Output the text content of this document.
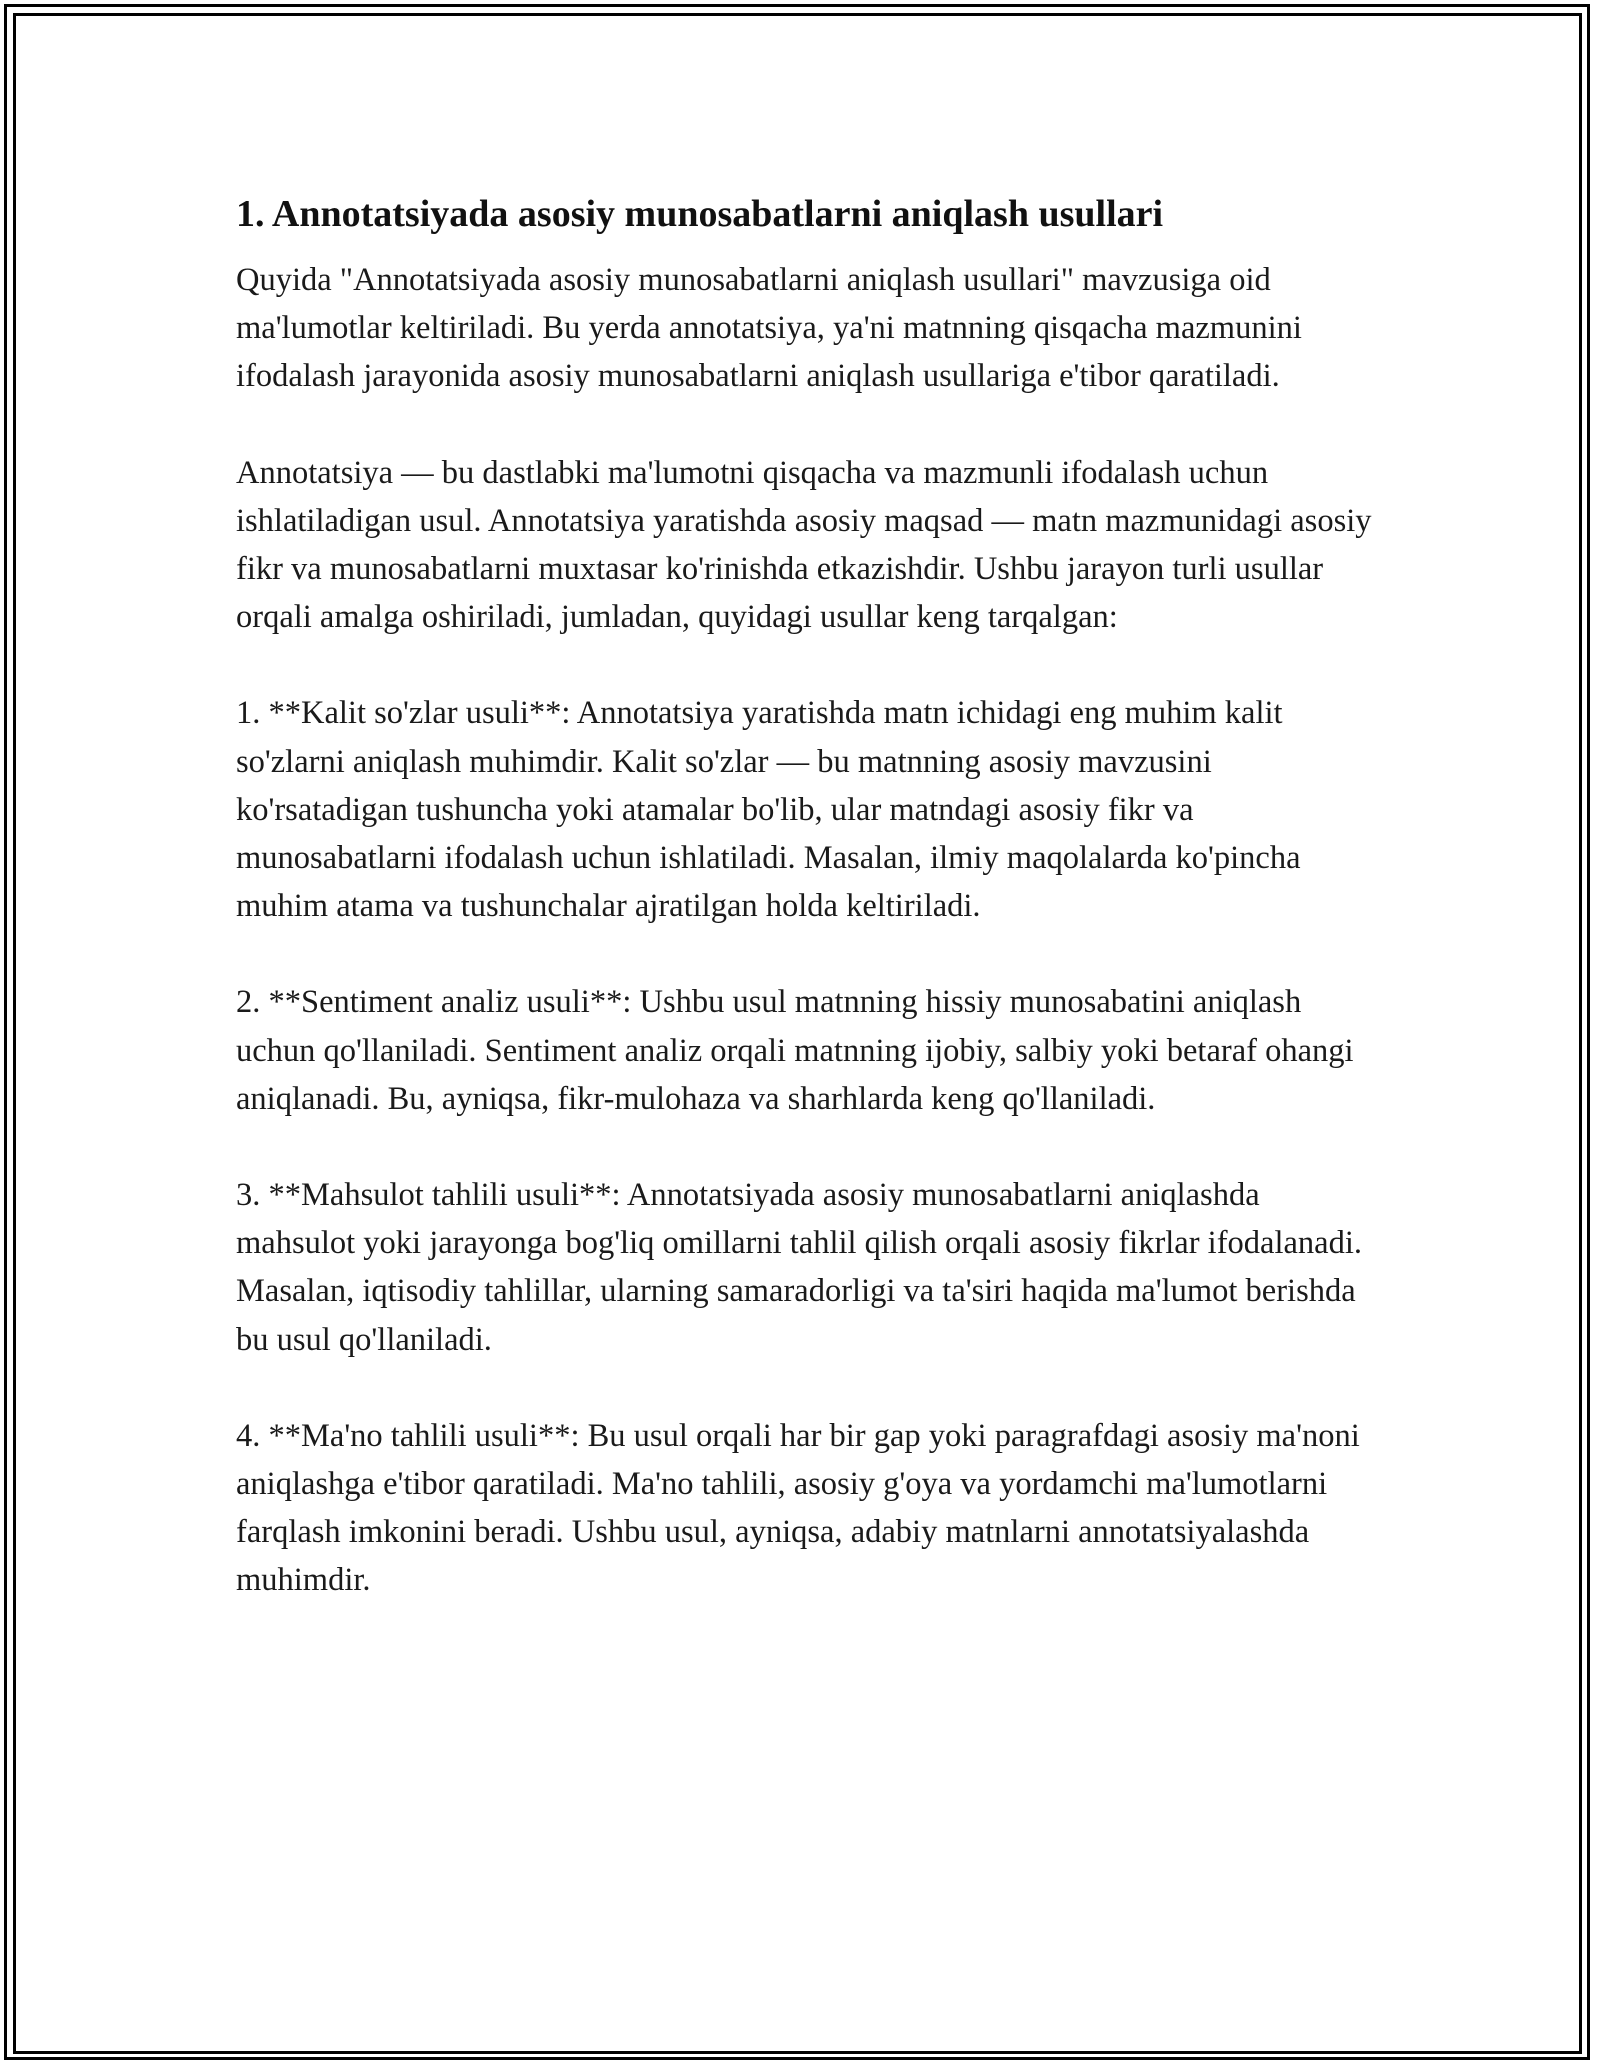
1. Annotatsiyada asosiy munosabatlarni aniqlash usullari

Quyida "Annotatsiyada asosiy munosabatlarni aniqlash usullari" mavzusiga oid ma'lumotlar keltiriladi. Bu yerda annotatsiya, ya'ni matnning qisqacha mazmunini ifodalash jarayonida asosiy munosabatlarni aniqlash usullariga e'tibor qaratiladi.

Annotatsiya — bu dastlabki ma'lumotni qisqacha va mazmunli ifodalash uchun ishlatiladigan usul. Annotatsiya yaratishda asosiy maqsad — matn mazmunidagi asosiy fikr va munosabatlarni muxtasar ko'rinishda etkazishdir. Ushbu jarayon turli usullar orqali amalga oshiriladi, jumladan, quyidagi usullar keng tarqalgan:

1. **Kalit so'zlar usuli**: Annotatsiya yaratishda matn ichidagi eng muhim kalit so'zlarni aniqlash muhimdir. Kalit so'zlar — bu matnning asosiy mavzusini ko'rsatadigan tushuncha yoki atamalar bo'lib, ular matndagi asosiy fikr va munosabatlarni ifodalash uchun ishlatiladi. Masalan, ilmiy maqolalarda ko'pincha muhim atama va tushunchalar ajratilgan holda keltiriladi.

2. **Sentiment analiz usuli**: Ushbu usul matnning hissiy munosabatini aniqlash uchun qo'llaniladi. Sentiment analiz orqali matnning ijobiy, salbiy yoki betaraf ohangi aniqlanadi. Bu, ayniqsa, fikr-mulohaza va sharhlarda keng qo'llaniladi.

3. **Mahsulot tahlili usuli**: Annotatsiyada asosiy munosabatlarni aniqlashda mahsulot yoki jarayonga bog'liq omillarni tahlil qilish orqali asosiy fikrlar ifodalanadi. Masalan, iqtisodiy tahlillar, ularning samaradorligi va ta'siri haqida ma'lumot berishda bu usul qo'llaniladi.

4. **Ma'no tahlili usuli**: Bu usul orqali har bir gap yoki paragrafdagi asosiy ma'noni aniqlashga e'tibor qaratiladi. Ma'no tahlili, asosiy g'oya va yordamchi ma'lumotlarni farqlash imkonini beradi. Ushbu usul, ayniqsa, adabiy matnlarni annotatsiyalashda muhimdir.
